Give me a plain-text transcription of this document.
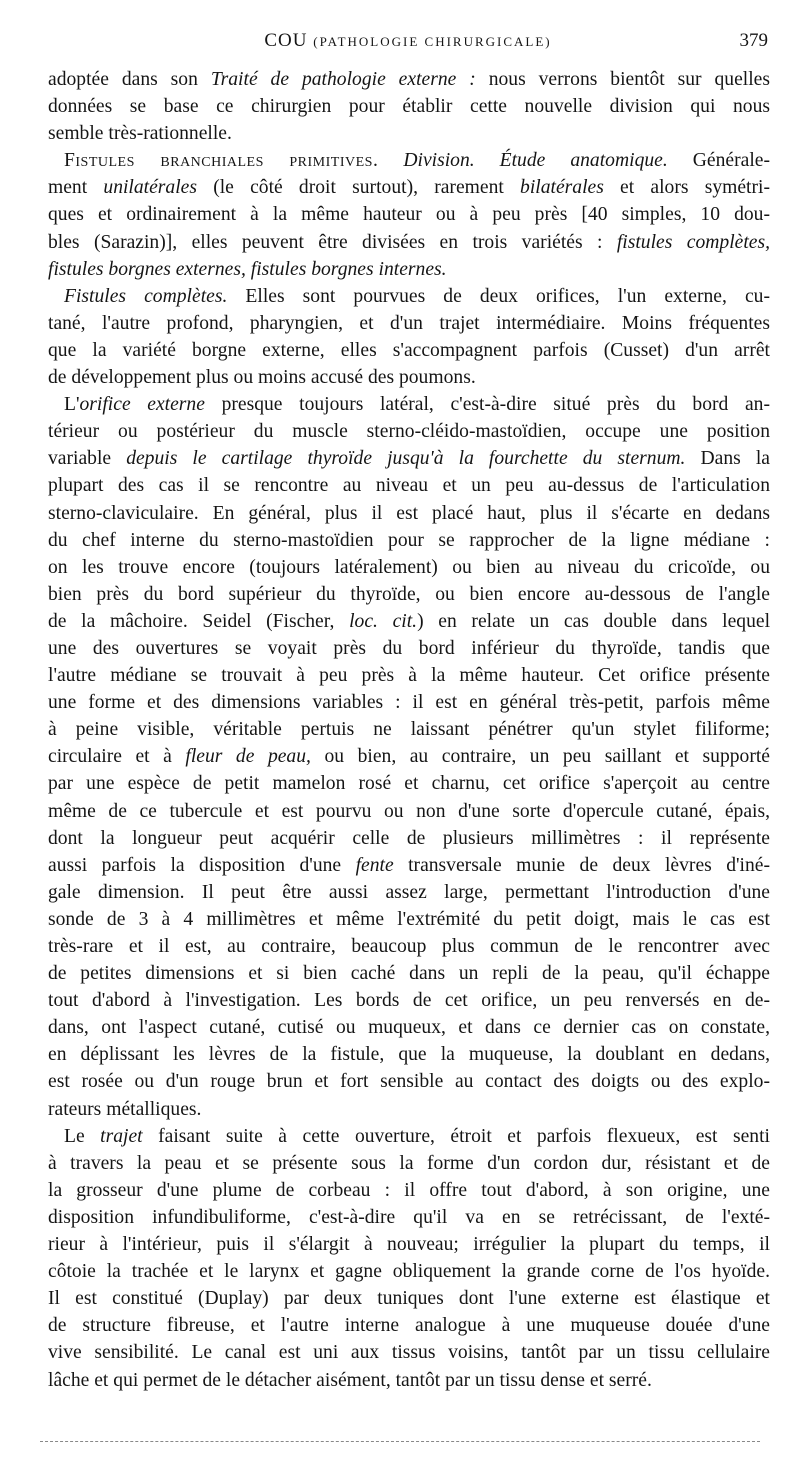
COU (PATHOLOGIE CHIRURGICALE)	379
adoptée dans son Traité de pathologie externe : nous verrons bientôt sur quelles
données se base ce chirurgien pour établir cette nouvelle division qui nous
semble très-rationnelle.
Fistules branchiales primitives. Division. Étude anatomique. Générale-
ment unilatérales (le côté droit surtout), rarement bilatérales et alors symétri-
ques et ordinairement à la même hauteur ou à peu près [40 simples, 10 dou-
bles (Sarazin)], elles peuvent être divisées en trois variétés : fistules complètes,
fistules borgnes externes, fistules borgnes internes.
Fistules complètes. Elles sont pourvues de deux orifices, l'un externe, cu-
tané, l'autre profond, pharyngien, et d'un trajet intermédiaire. Moins fréquentes
que la variété borgne externe, elles s'accompagnent parfois (Cusset) d'un arrêt
de développement plus ou moins accusé des poumons.
L'orifice externe presque toujours latéral, c'est-à-dire situé près du bord an-
térieur ou postérieur du muscle sterno-cléido-mastoïdien, occupe une position
variable depuis le cartilage thyroïde jusqu'à la fourchette du sternum. Dans la
plupart des cas il se rencontre au niveau et un peu au-dessus de l'articulation
sterno-claviculaire. En général, plus il est placé haut, plus il s'écarte en dedans
du chef interne du sterno-mastoïdien pour se rapprocher de la ligne médiane :
on les trouve encore (toujours latéralement) ou bien au niveau du cricoïde, ou
bien près du bord supérieur du thyroïde, ou bien encore au-dessous de l'angle
de la mâchoire. Seidel (Fischer, loc. cit.) en relate un cas double dans lequel
une des ouvertures se voyait près du bord inférieur du thyroïde, tandis que
l'autre médiane se trouvait à peu près à la même hauteur. Cet orifice présente
une forme et des dimensions variables : il est en général très-petit, parfois même
à peine visible, véritable pertuis ne laissant pénétrer qu'un stylet filiforme;
circulaire et à fleur de peau, ou bien, au contraire, un peu saillant et supporté
par une espèce de petit mamelon rosé et charnu, cet orifice s'aperçoit au centre
même de ce tubercule et est pourvu ou non d'une sorte d'opercule cutané, épais,
dont la longueur peut acquérir celle de plusieurs millimètres : il représente
aussi parfois la disposition d'une fente transversale munie de deux lèvres d'iné-
gale dimension. Il peut être aussi assez large, permettant l'introduction d'une
sonde de 3 à 4 millimètres et même l'extrémité du petit doigt, mais le cas est
très-rare et il est, au contraire, beaucoup plus commun de le rencontrer avec
de petites dimensions et si bien caché dans un repli de la peau, qu'il échappe
tout d'abord à l'investigation. Les bords de cet orifice, un peu renversés en de-
dans, ont l'aspect cutané, cutisé ou muqueux, et dans ce dernier cas on constate,
en déplissant les lèvres de la fistule, que la muqueuse, la doublant en dedans,
est rosée ou d'un rouge brun et fort sensible au contact des doigts ou des explo-
rateurs métalliques.
Le trajet faisant suite à cette ouverture, étroit et parfois flexueux, est senti
à travers la peau et se présente sous la forme d'un cordon dur, résistant et de
la grosseur d'une plume de corbeau : il offre tout d'abord, à son origine, une
disposition infundibuliforme, c'est-à-dire qu'il va en se retrécissant, de l'exté-
rieur à l'intérieur, puis il s'élargit à nouveau; irrégulier la plupart du temps, il
côtoie la trachée et le larynx et gagne obliquement la grande corne de l'os hyoïde.
Il est constitué (Duplay) par deux tuniques dont l'une externe est élastique et
de structure fibreuse, et l'autre interne analogue à une muqueuse douée d'une
vive sensibilité. Le canal est uni aux tissus voisins, tantôt par un tissu cellulaire
lâche et qui permet de le détacher aisément, tantôt par un tissu dense et serré.
